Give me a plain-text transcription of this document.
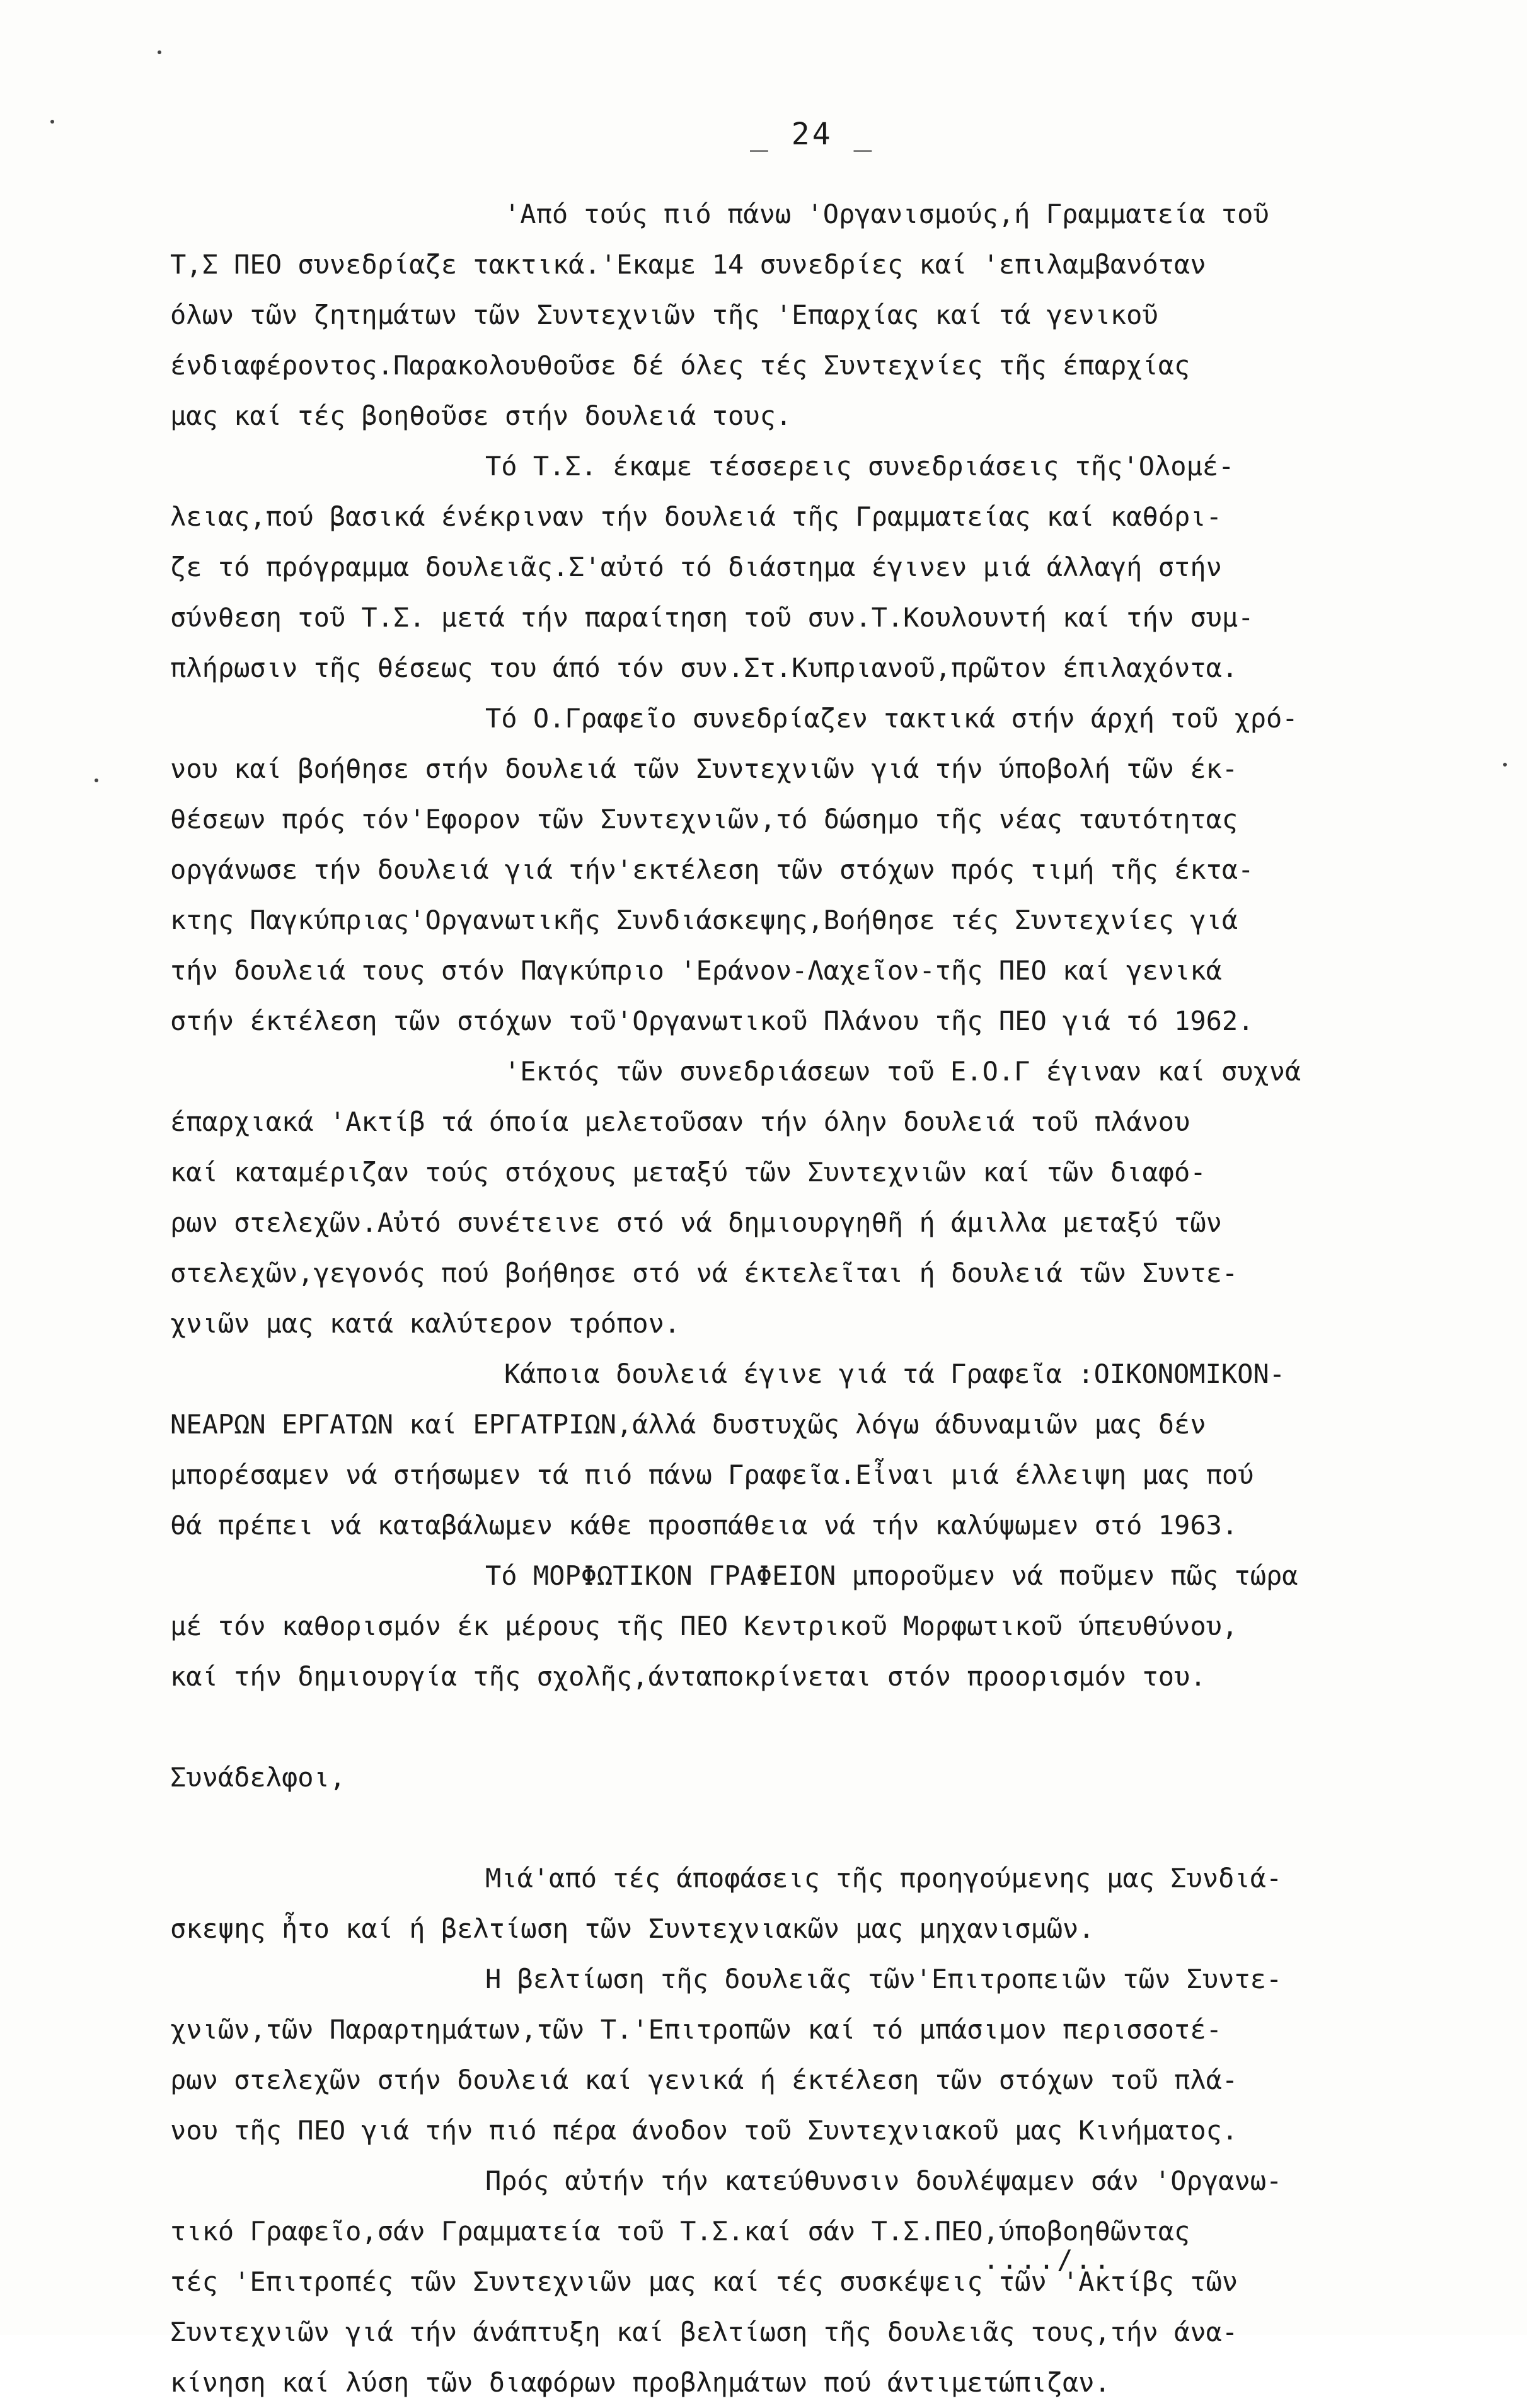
_ 24 _
'Από τούς πιό πάνω 'Οργανισμούς,ή Γραμματεία τοῦ
Τ,Σ ΠΕΟ συνεδρίαζε τακτικά.'Εκαμε 14 συνεδρίες καί 'επιλαμβανόταν
όλων τῶν ζητημάτων τῶν Συντεχνιῶν τῆς 'Επαρχίας καί τά γενικοῦ
ένδιαφέροντος.Παρακολουθοῦσε δέ όλες τές Συντεχνίες τῆς έπαρχίας
μας καί τές βοηθοῦσε στήν δουλειά τους.
Τό Τ.Σ. έκαμε τέσσερεις συνεδριάσεις τῆς'Ολομέ-
λειας,πού βασικά ένέκριναν τήν δουλειά τῆς Γραμματείας καί καθόρι-
ζε τό πρόγραμμα δουλειᾶς.Σ'αὐτό τό διάστημα έγινεν μιά άλλαγή στήν
σύνθεση τοῦ Τ.Σ. μετά τήν παραίτηση τοῦ συν.Τ.Κουλουντή καί τήν συμ-
πλήρωσιν τῆς θέσεως του άπό τόν συν.Στ.Κυπριανοῦ,πρῶτον έπιλαχόντα.
Τό Ο.Γραφεῖο συνεδρίαζεν τακτικά στήν άρχή τοῦ χρό-
νου καί βοήθησε στήν δουλειά τῶν Συντεχνιῶν γιά τήν ύποβολή τῶν έκ-
θέσεων πρός τόν'Εφορον τῶν Συντεχνιῶν,τό δώσημο τῆς νέας ταυτότητας
οργάνωσε τήν δουλειά γιά τήν'εκτέλεση τῶν στόχων πρός τιμή τῆς έκτα-
κτης Παγκύπριας'Οργανωτικῆς Συνδιάσκεψης,Βοήθησε τές Συντεχνίες γιά
τήν δουλειά τους στόν Παγκύπριο 'Εράνον-Λαχεῖον-τῆς ΠΕΟ καί γενικά
στήν έκτέλεση τῶν στόχων τοῦ'Οργανωτικοῦ Πλάνου τῆς ΠΕΟ γιά τό 1962.
'Εκτός τῶν συνεδριάσεων τοῦ Ε.Ο.Γ έγιναν καί συχνά
έπαρχιακά 'Ακτίβ τά όποία μελετοῦσαν τήν όλην δουλειά τοῦ πλάνου
καί καταμέριζαν τούς στόχους μεταξύ τῶν Συντεχνιῶν καί τῶν διαφό-
ρων στελεχῶν.Αὐτό συνέτεινε στό νά δημιουργηθῆ ή άμιλλα μεταξύ τῶν
στελεχῶν,γεγονός πού βοήθησε στό νά έκτελεῖται ή δουλειά τῶν Συντε-
χνιῶν μας κατά καλύτερον τρόπον.
Κάποια δουλειά έγινε γιά τά Γραφεῖα :ΟΙΚΟΝΟΜΙΚΟΝ-
ΝΕΑΡΩΝ ΕΡΓΑΤΩΝ καί ΕΡΓΑΤΡΙΩΝ,άλλά δυστυχῶς λόγω άδυναμιῶν μας δέν
μπορέσαμεν νά στήσωμεν τά πιό πάνω Γραφεῖα.Εἶναι μιά έλλειψη μας πού
θά πρέπει νά καταβάλωμεν κάθε προσπάθεια νά τήν καλύψωμεν στό 1963.
Τό ΜΟΡΦΩΤΙΚΟΝ ΓΡΑΦΕΙΟΝ μποροῦμεν νά ποῦμεν πῶς τώρα
μέ τόν καθορισμόν έκ μέρους τῆς ΠΕΟ Κεντρικοῦ Μορφωτικοῦ ύπευθύνου,
καί τήν δημιουργία τῆς σχολῆς,άνταποκρίνεται στόν προορισμόν του.
Συνάδελφοι,
Μιά'από τές άποφάσεις τῆς προηγούμενης μας Συνδιά-
σκεψης ἦτο καί ή βελτίωση τῶν Συντεχνιακῶν μας μηχανισμῶν.
Η βελτίωση τῆς δουλειᾶς τῶν'Επιτροπειῶν τῶν Συντε-
χνιῶν,τῶν Παραρτημάτων,τῶν Τ.'Επιτροπῶν καί τό μπάσιμον περισσοτέ-
ρων στελεχῶν στήν δουλειά καί γενικά ή έκτέλεση τῶν στόχων τοῦ πλά-
νου τῆς ΠΕΟ γιά τήν πιό πέρα άνοδον τοῦ Συντεχνιακοῦ μας Κινήματος.
Πρός αὐτήν τήν κατεύθυνσιν δουλέψαμεν σάν 'Οργανω-
τικό Γραφεῖο,σάν Γραμματεία τοῦ Τ.Σ.καί σάν Τ.Σ.ΠΕΟ,ύποβοηθῶντας
τές 'Επιτροπές τῶν Συντεχνιῶν μας καί τές συσκέψεις τῶν 'Ακτίβς τῶν
Συντεχνιῶν γιά τήν άνάπτυξη καί βελτίωση τῆς δουλειᾶς τους,τήν άνα-
κίνηση καί λύση τῶν διαφόρων προβλημάτων πού άντιμετώπιζαν.
..../..
